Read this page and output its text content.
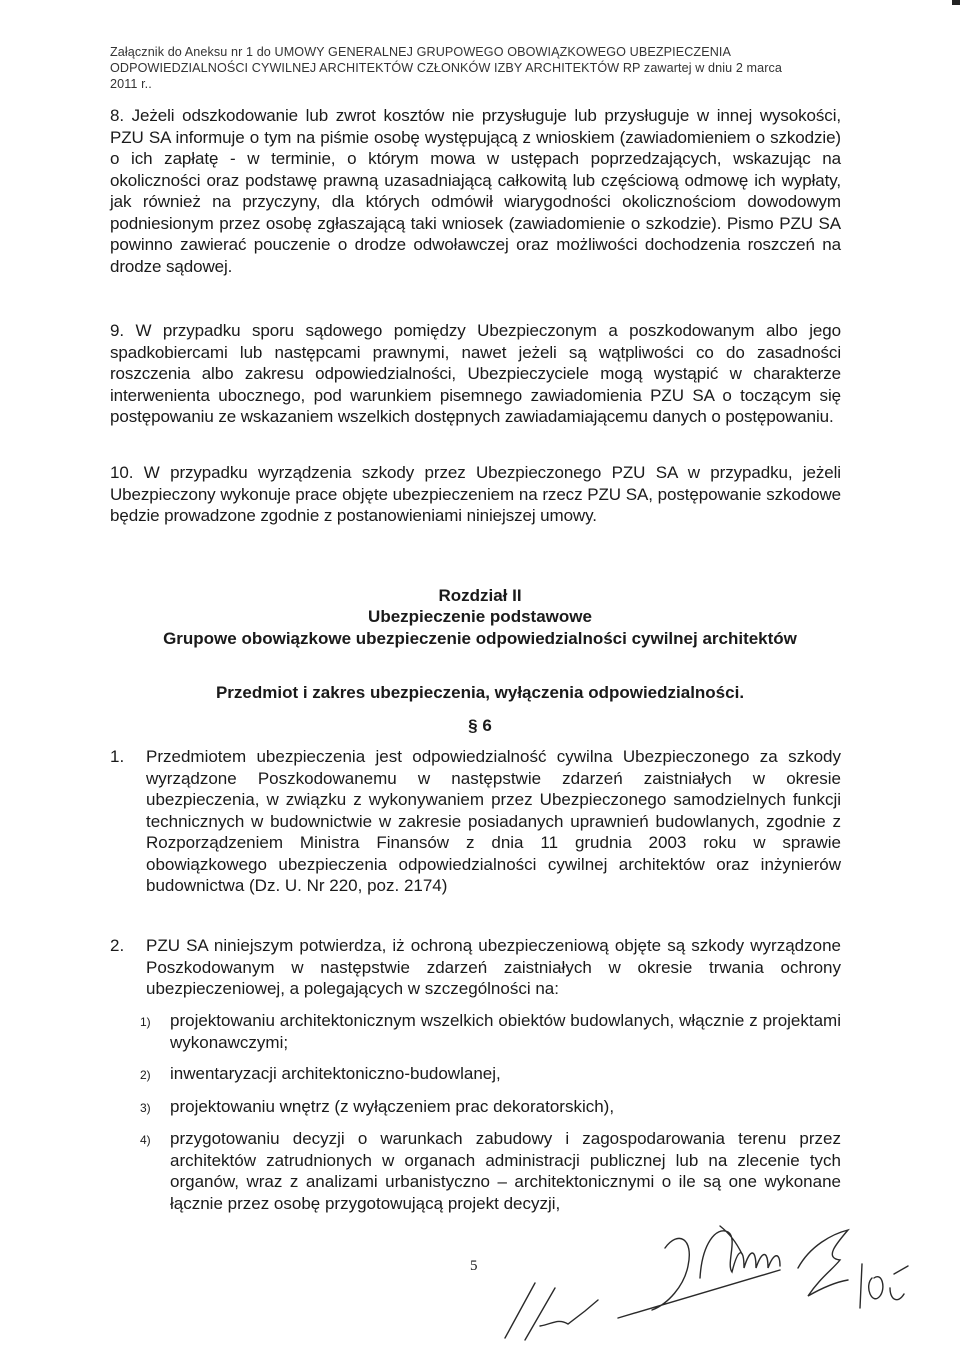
Załącznik do Aneksu nr 1 do UMOWY GENERALNEJ GRUPOWEGO OBOWIĄZKOWEGO UBEZPIECZENIA
ODPOWIEDZIALNOŚCI CYWILNEJ ARCHITEKTÓW CZŁONKÓW IZBY ARCHITEKTÓW RP zawartej w dniu 2 marca
2011 r..
8. Jeżeli odszkodowanie lub zwrot kosztów nie przysługuje lub przysługuje w innej wysokości, PZU SA informuje o tym na piśmie osobę występującą z wnioskiem (zawiadomieniem o szkodzie) o ich zapłatę - w terminie, o którym mowa w ustępach poprzedzających, wskazując na okoliczności oraz podstawę prawną uzasadniającą całkowitą lub częściową odmowę ich wypłaty, jak również na przyczyny, dla których odmówił wiarygodności okolicznościom dowodowym podniesionym przez osobę zgłaszającą taki wniosek (zawiadomienie o szkodzie). Pismo PZU SA powinno zawierać pouczenie o drodze odwoławczej oraz możliwości dochodzenia roszczeń na drodze sądowej.
9. W przypadku sporu sądowego pomiędzy Ubezpieczonym a poszkodowanym albo jego spadkobiercami lub następcami prawnymi, nawet jeżeli są wątpliwości co do zasadności roszczenia albo zakresu odpowiedzialności, Ubezpieczyciele mogą wystąpić w charakterze interwenienta ubocznego, pod warunkiem pisemnego zawiadomienia PZU SA o toczącym się postępowaniu ze wskazaniem wszelkich dostępnych zawiadamiającemu danych o postępowaniu.
10. W przypadku wyrządzenia szkody przez Ubezpieczonego PZU SA w przypadku, jeżeli Ubezpieczony wykonuje prace objęte ubezpieczeniem na rzecz PZU SA, postępowanie szkodowe będzie prowadzone zgodnie z postanowieniami niniejszej umowy.
Rozdział II
Ubezpieczenie podstawowe
Grupowe obowiązkowe ubezpieczenie odpowiedzialności cywilnej architektów
Przedmiot i zakres ubezpieczenia, wyłączenia odpowiedzialności.
§ 6
1. Przedmiotem ubezpieczenia jest odpowiedzialność cywilna Ubezpieczonego za szkody wyrządzone Poszkodowanemu w następstwie zdarzeń zaistniałych w okresie ubezpieczenia, w związku z wykonywaniem przez Ubezpieczonego samodzielnych funkcji technicznych w budownictwie w zakresie posiadanych uprawnień budowlanych, zgodnie z Rozporządzeniem Ministra Finansów z dnia 11 grudnia 2003 roku w sprawie obowiązkowego ubezpieczenia odpowiedzialności cywilnej architektów oraz inżynierów budownictwa (Dz. U. Nr 220, poz. 2174)
2. PZU SA niniejszym potwierdza, iż ochroną ubezpieczeniową objęte są szkody wyrządzone Poszkodowanym w następstwie zdarzeń zaistniałych w okresie trwania ochrony ubezpieczeniowej, a polegających w szczególności na:
1) projektowaniu architektonicznym wszelkich obiektów budowlanych, włącznie z projektami wykonawczymi;
2) inwentaryzacji architektoniczno-budowlanej,
3) projektowaniu wnętrz (z wyłączeniem prac dekoratorskich),
4) przygotowaniu decyzji o warunkach zabudowy i zagospodarowania terenu przez architektów zatrudnionych w organach administracji publicznej lub na zlecenie tych organów, wraz z analizami urbanistyczno – architektonicznymi o ile są one wykonane łącznie przez osobę przygotowującą projekt decyzji,
5
